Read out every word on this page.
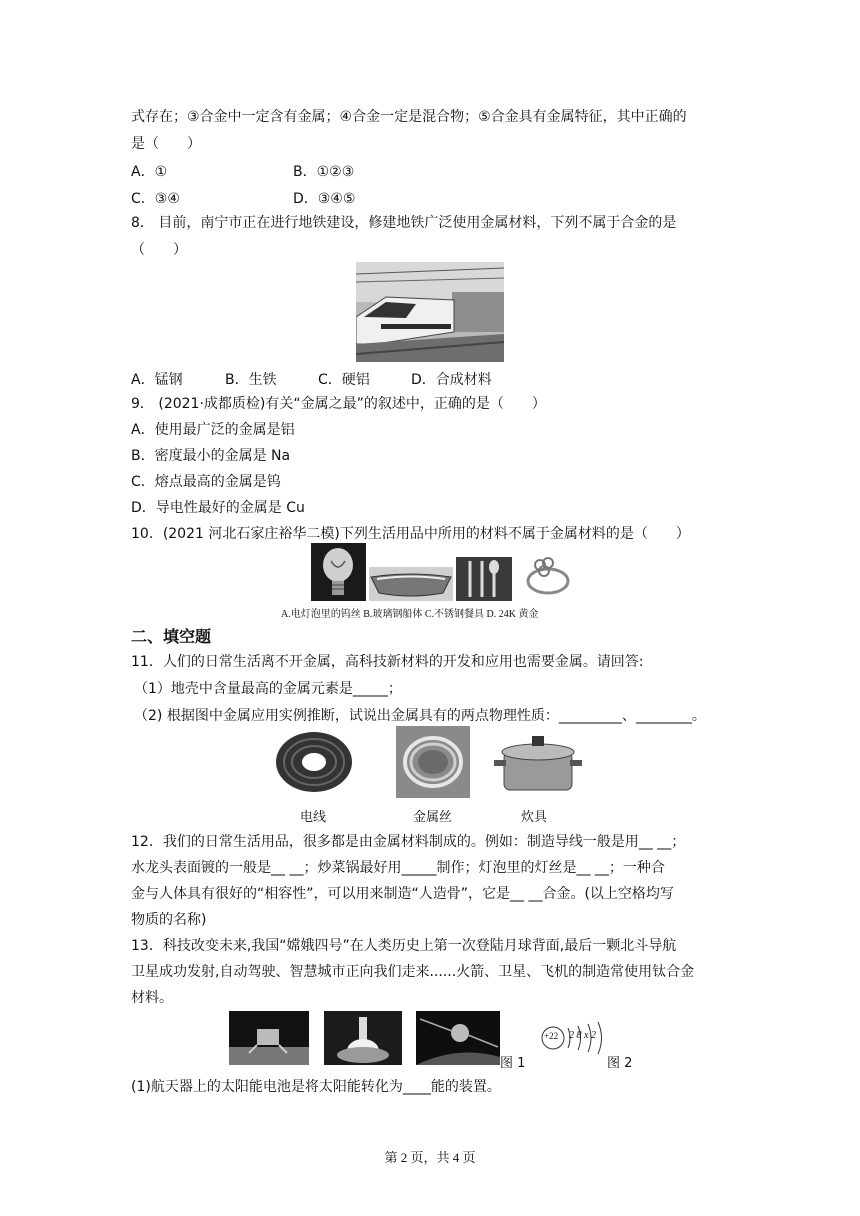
式存在；③合金中一定含有金属；④合金一定是混合物；⑤合金具有金属特征，其中正确的
是（　　）
A．①	B．①②③
C．③④	D．③④⑤
8． 目前，南宁市正在进行地铁建设，修建地铁广泛使用金属材料，下列不属于合金的是
（　　）
A．锰钢	B．生铁	C．硬铝	D．合成材料
9． (2021·成都质检)有关“金属之最”的叙述中，正确的是（　　）
A．使用最广泛的金属是铝
B．密度最小的金属是 Na
C．熔点最高的金属是钨
D．导电性最好的金属是 Cu
10．(2021 河北石家庄裕华二模)下列生活用品中所用的材料不属于金属材料的是（　　）
A.电灯泡里的钨丝 B.玻璃钢船体 C.不锈钢餐具 D. 24K 黄金
二、填空题
11．人们的日常生活离不开金属，高科技新材料的开发和应用也需要金属。请回答:
（1）地壳中含量最高的金属元素是_____；
（2) 根据图中金属应用实例推断，试说出金属具有的两点物理性质：_________、________。
电线	金属丝	炊具
12．我们的日常生活用品，很多都是由金属材料制成的。例如：制造导线一般是用__ __；
水龙头表面镀的一般是__ __；炒菜锅最好用_____制作；灯泡里的灯丝是__ __；一种合
金与人体具有很好的“相容性”，可以用来制造“人造骨”，它是__ __合金。(以上空格均写
物质的名称)
13．科技改变未来,我国“嫦娥四号”在人类历史上第一次登陆月球背面,最后一颗北斗导航
卫星成功发射,自动驾驶、智慧城市正向我们走来......火箭、卫星、飞机的制造常使用钛合金
材料。
图 1
+22 2 8 x 2
图 2
(1)航天器上的太阳能电池是将太阳能转化为____能的装置。
第 2 页，共 4 页
